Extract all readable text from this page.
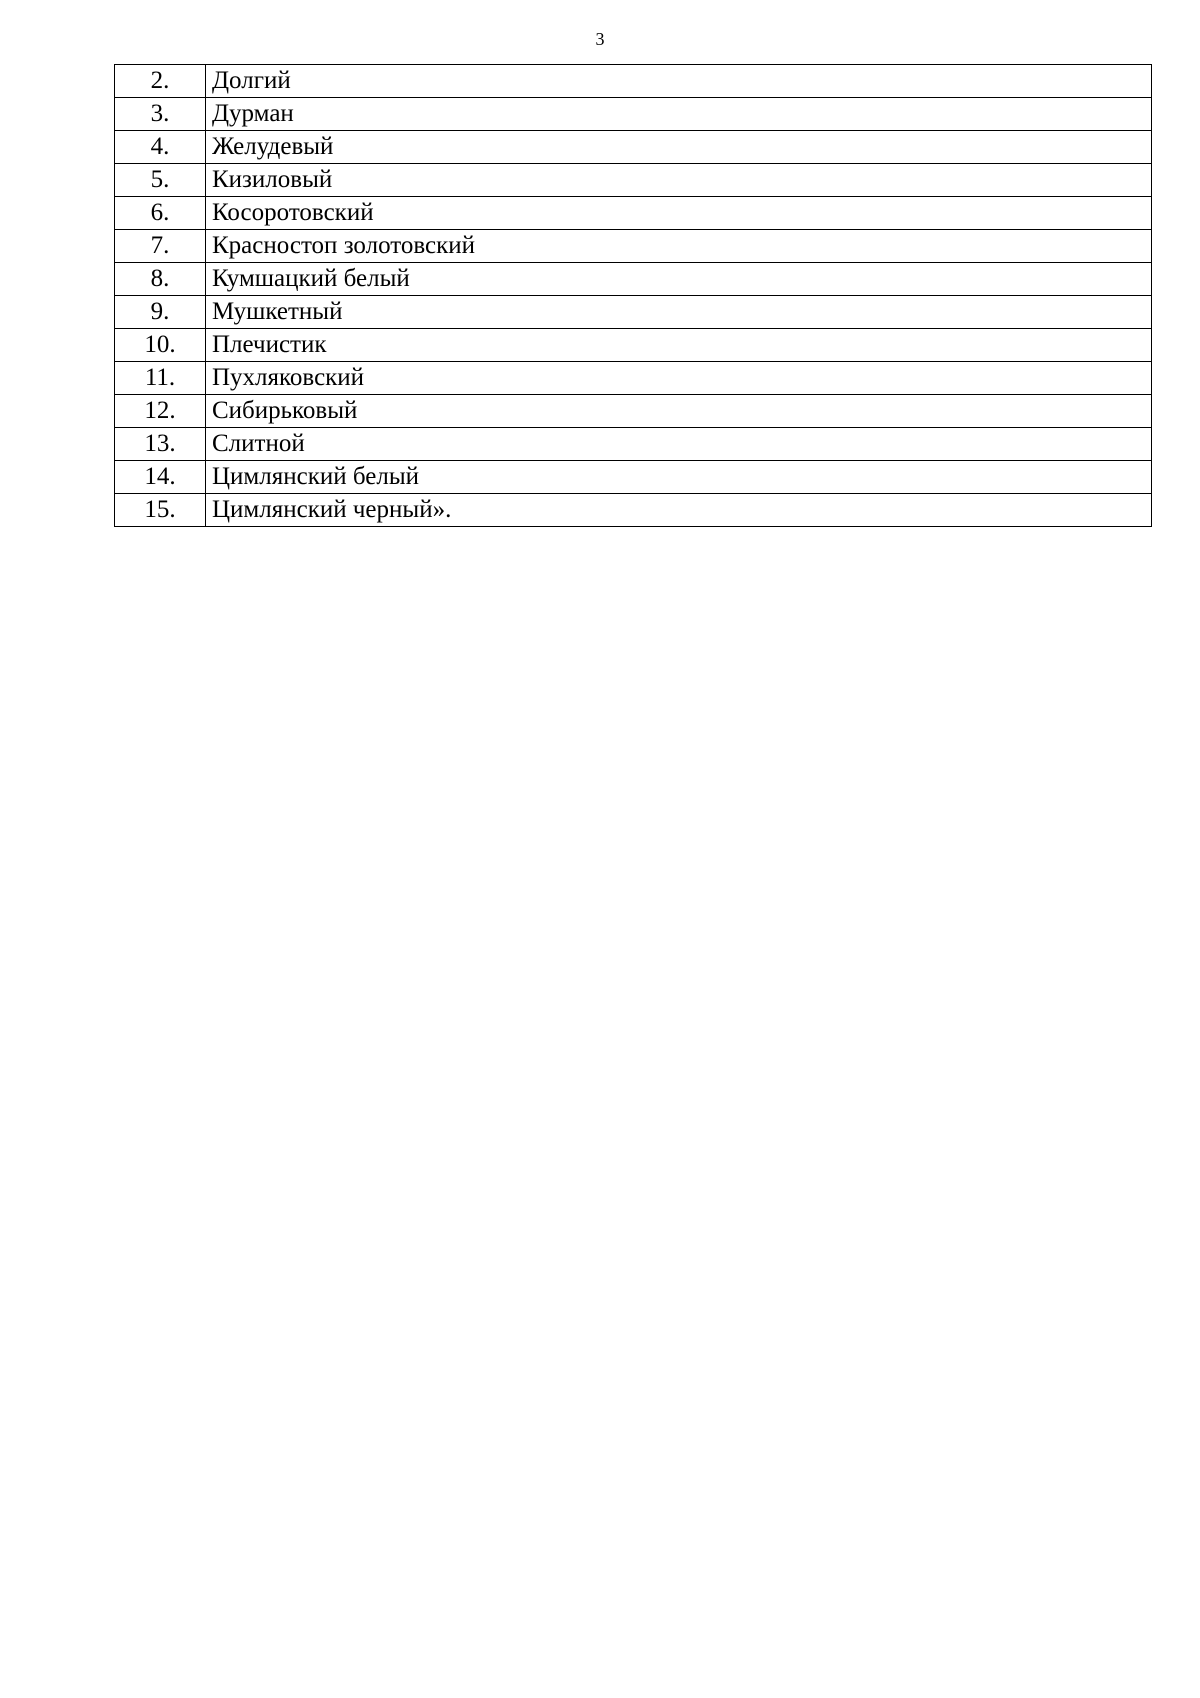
3
2.	Долгий
3.	Дурман
4.	Желудевый
5.	Кизиловый
6.	Косоротовский
7.	Красностоп золотовский
8.	Кумшацкий белый
9.	Мушкетный
10.	Плечистик
11.	Пухляковский
12.	Сибирьковый
13.	Слитной
14.	Цимлянский белый
15.	Цимлянский черный».
